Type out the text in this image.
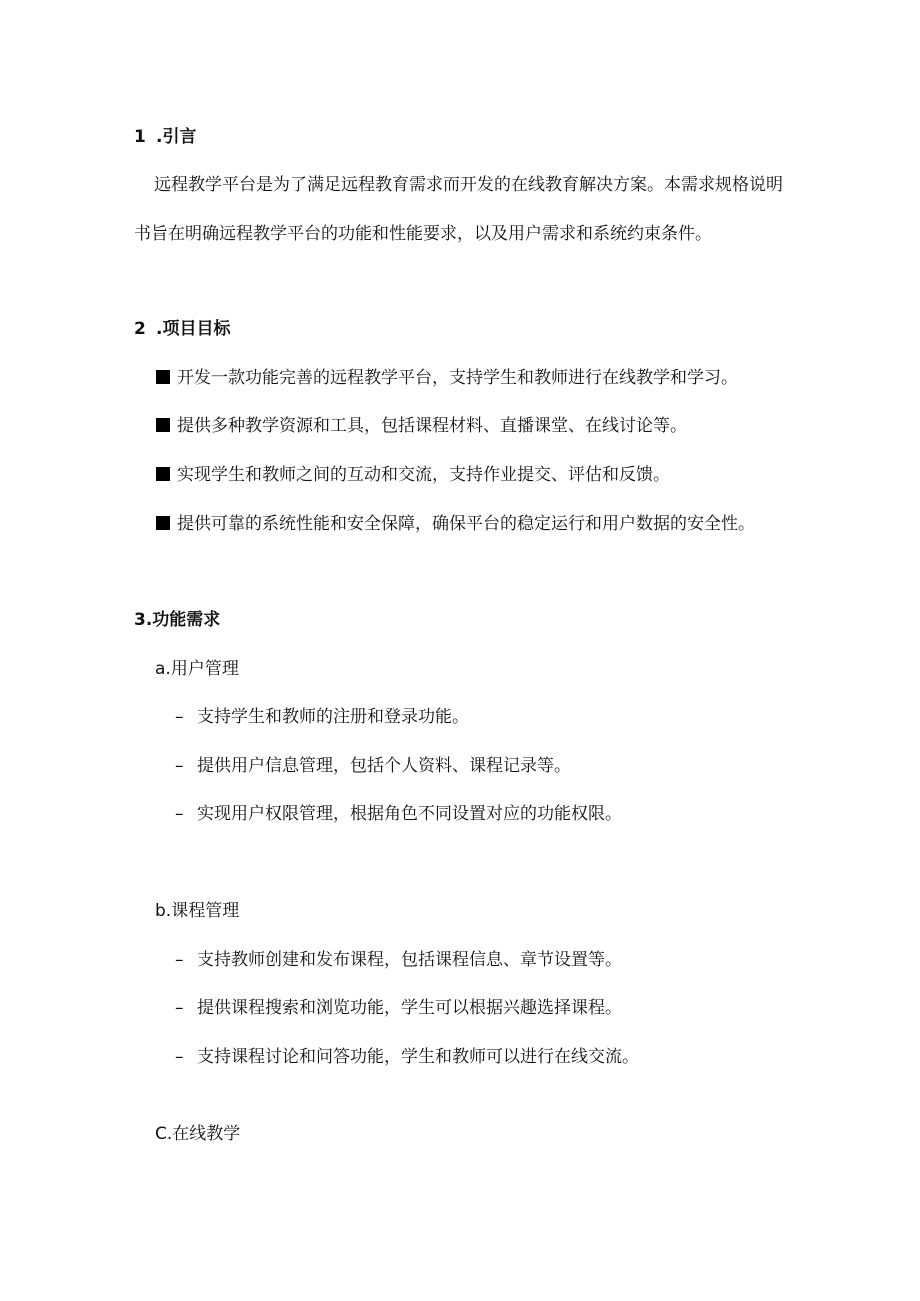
1 .引言
远程教学平台是为了满足远程教育需求而开发的在线教育解决方案。本需求规格说明
书旨在明确远程教学平台的功能和性能要求，以及用户需求和系统约束条件。
2 .项目目标
开发一款功能完善的远程教学平台，支持学生和教师进行在线教学和学习。
提供多种教学资源和工具，包括课程材料、直播课堂、在线讨论等。
实现学生和教师之间的互动和交流，支持作业提交、评估和反馈。
提供可靠的系统性能和安全保障，确保平台的稳定运行和用户数据的安全性。
3.功能需求
a.用户管理
– 支持学生和教师的注册和登录功能。
– 提供用户信息管理，包括个人资料、课程记录等。
– 实现用户权限管理，根据角色不同设置对应的功能权限。
b.课程管理
– 支持教师创建和发布课程，包括课程信息、章节设置等。
– 提供课程搜索和浏览功能，学生可以根据兴趣选择课程。
– 支持课程讨论和问答功能，学生和教师可以进行在线交流。
C.在线教学
